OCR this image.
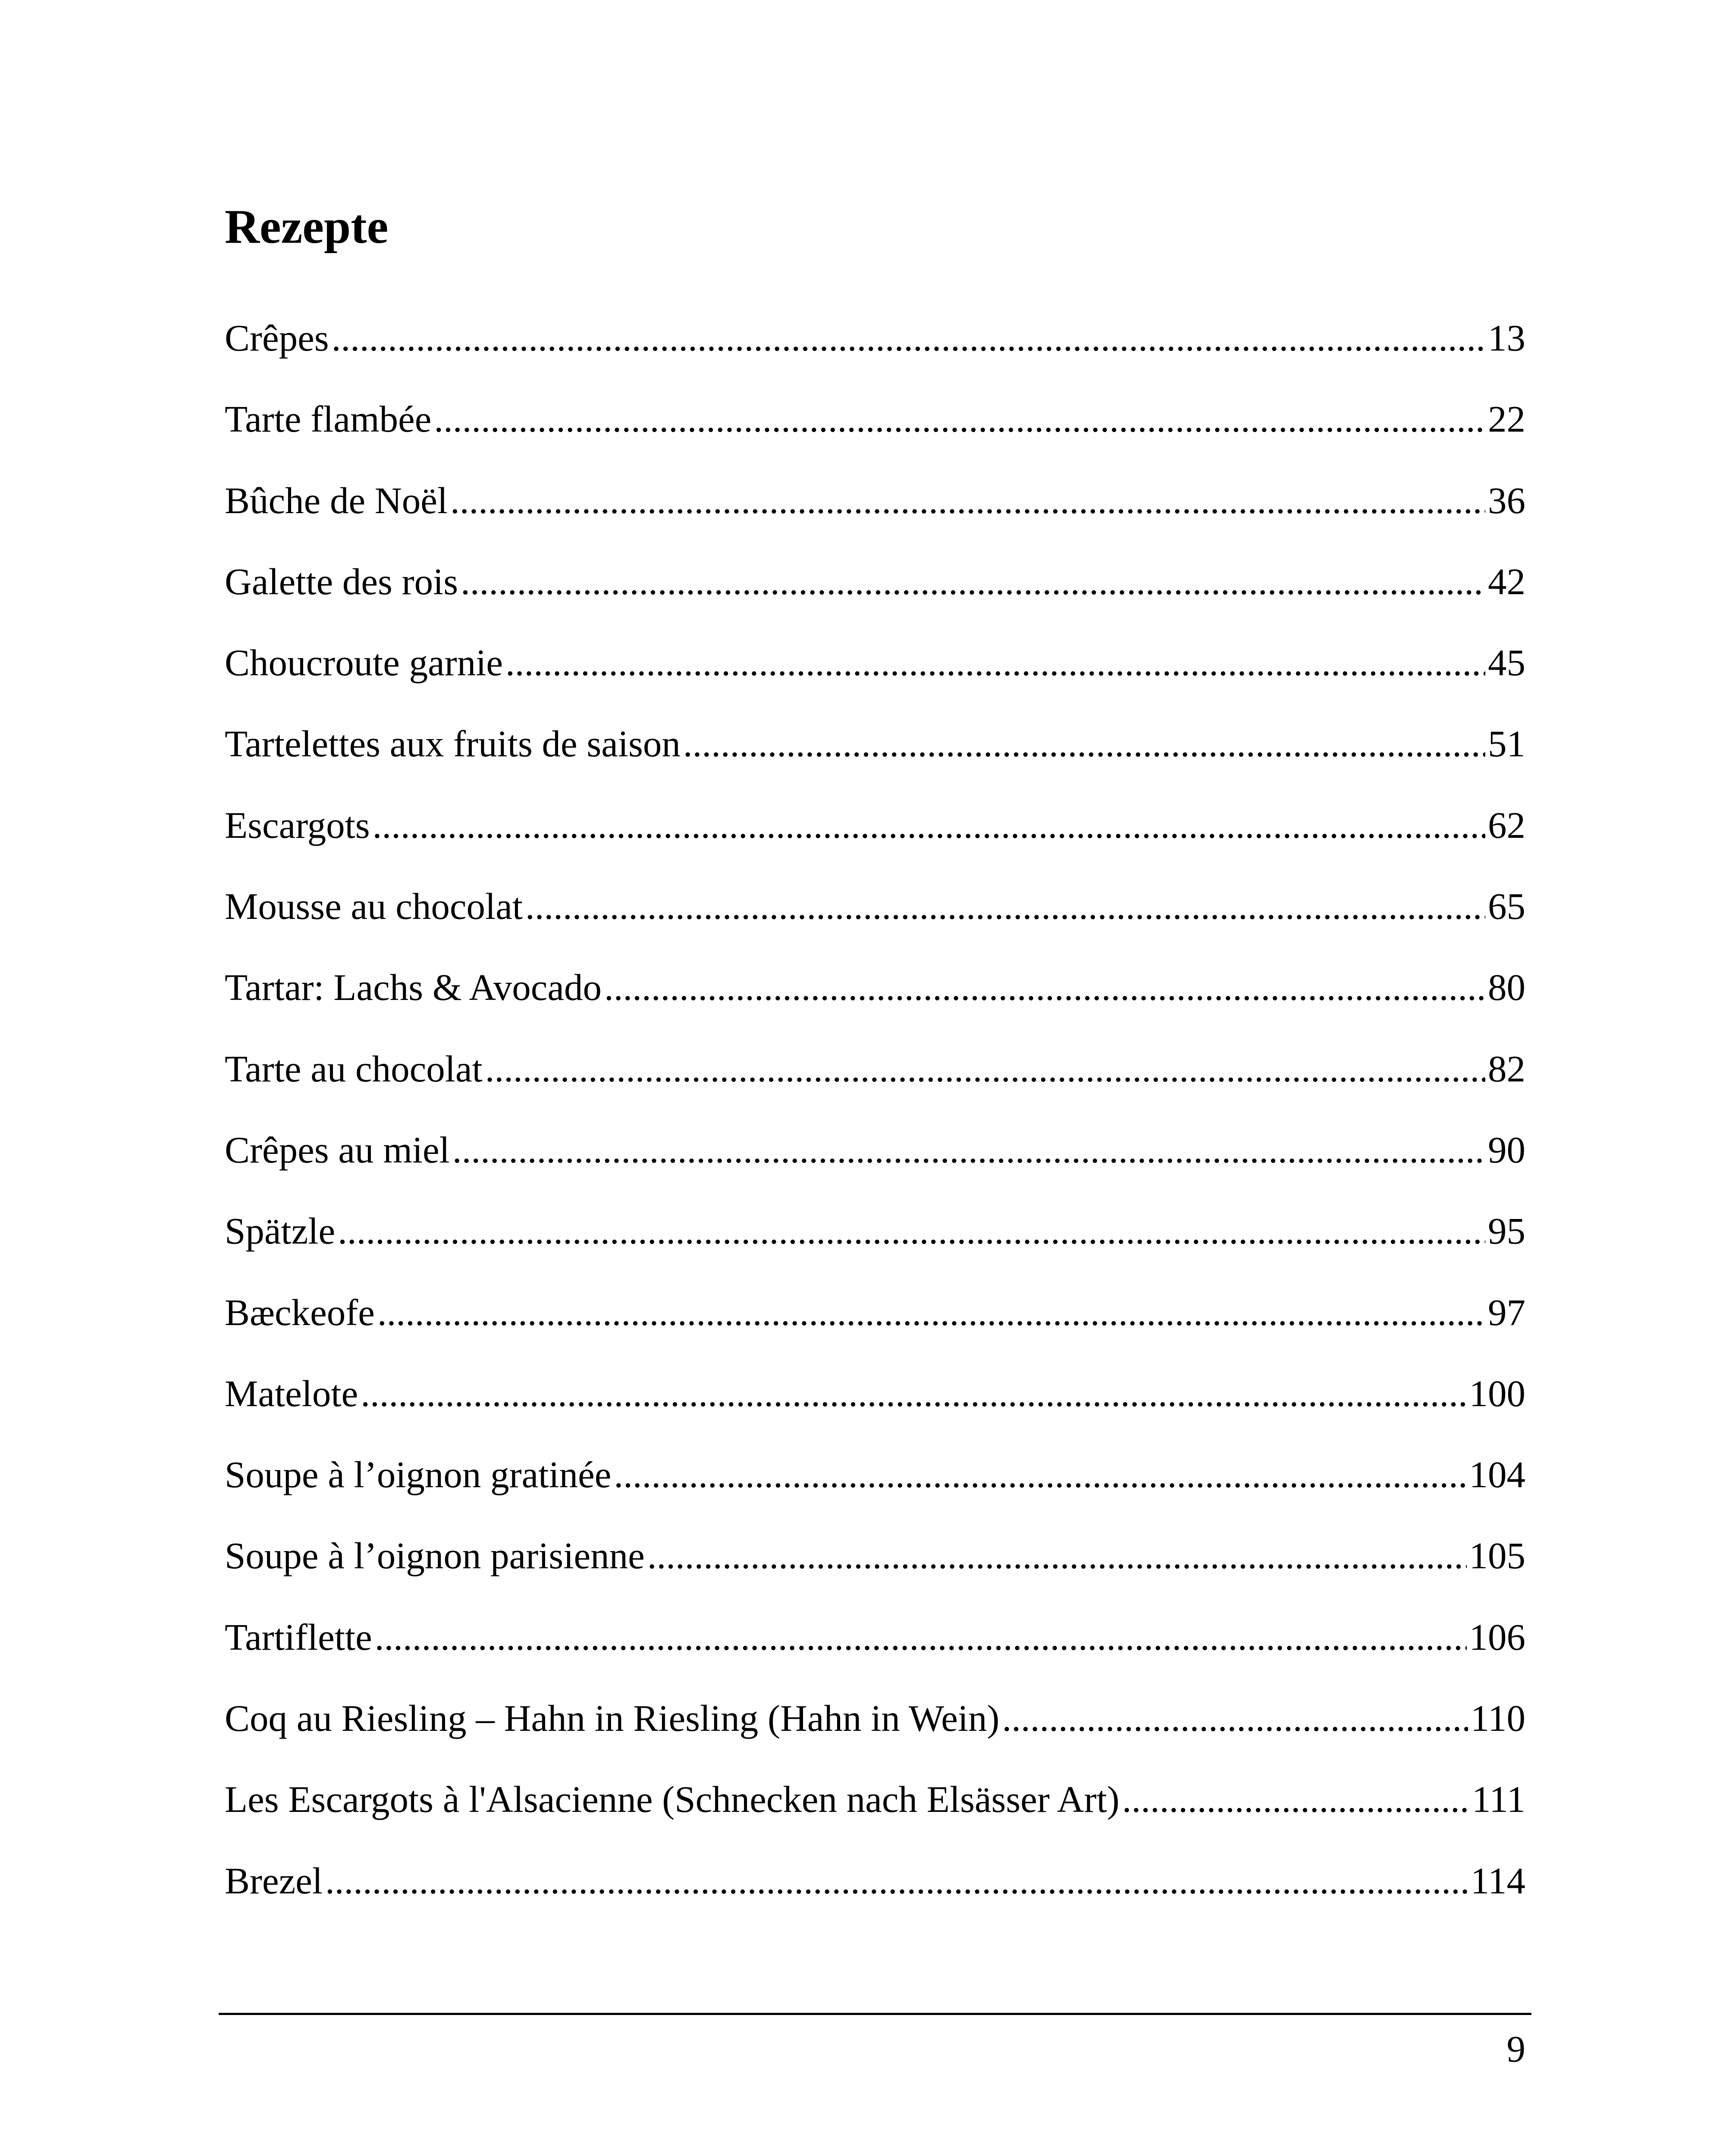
Rezepte
Crêpes .....	13
Tarte flambée .....	22
Bûche de Noël .....	36
Galette des rois .....	42
Choucroute garnie .....	45
Tartelettes aux fruits de saison .....	51
Escargots .....	62
Mousse au chocolat .....	65
Tartar: Lachs & Avocado .....	80
Tarte au chocolat .....	82
Crêpes au miel .....	90
Spätzle .....	95
Bæckeofe .....	97
Matelote .....	100
Soupe à l’oignon gratinée .....	104
Soupe à l’oignon parisienne .....	105
Tartiflette .....	106
Coq au Riesling – Hahn in Riesling (Hahn in Wein) .....	110
Les Escargots à l'Alsacienne (Schnecken nach Elsässer Art) .....	111
Brezel .....	114
9
